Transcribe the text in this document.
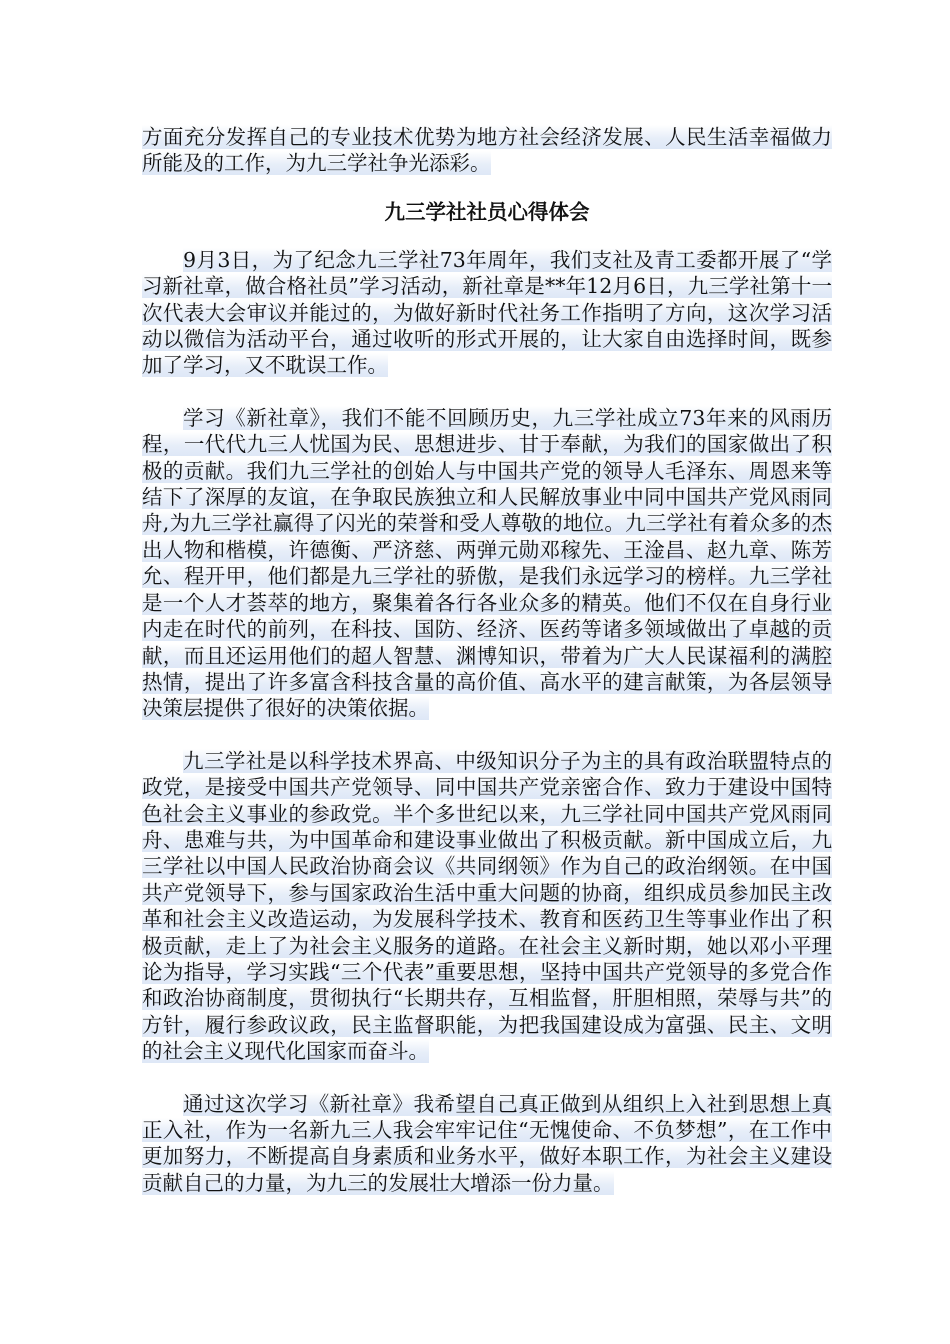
方面充分发挥自己的专业技术优势为地方社会经济发展、人民生活幸福做力所能及的工作，为九三学社争光添彩。

九三学社社员心得体会

9月3日，为了纪念九三学社73年周年，我们支社及青工委都开展了“学习新社章，做合格社员”学习活动，新社章是**年12月6日，九三学社第十一次代表大会审议并能过的，为做好新时代社务工作指明了方向，这次学习活动以微信为活动平台，通过收听的形式开展的，让大家自由选择时间，既参加了学习，又不耽误工作。

学习《新社章》，我们不能不回顾历史，九三学社成立73年来的风雨历程，一代代九三人忧国为民、思想进步、甘于奉献，为我们的国家做出了积极的贡献。我们九三学社的创始人与中国共产党的领导人毛泽东、周恩来等结下了深厚的友谊，在争取民族独立和人民解放事业中同中国共产党风雨同舟,为九三学社赢得了闪光的荣誉和受人尊敬的地位。九三学社有着众多的杰出人物和楷模，许德衡、严济慈、两弹元勋邓稼先、王淦昌、赵九章、陈芳允、程开甲，他们都是九三学社的骄傲，是我们永远学习的榜样。九三学社是一个人才荟萃的地方，聚集着各行各业众多的精英。他们不仅在自身行业内走在时代的前列，在科技、国防、经济、医药等诸多领域做出了卓越的贡献，而且还运用他们的超人智慧、渊博知识，带着为广大人民谋福利的满腔热情，提出了许多富含科技含量的高价值、高水平的建言献策，为各层领导决策层提供了很好的决策依据。

九三学社是以科学技术界高、中级知识分子为主的具有政治联盟特点的政党，是接受中国共产党领导、同中国共产党亲密合作、致力于建设中国特色社会主义事业的参政党。半个多世纪以来，九三学社同中国共产党风雨同舟、患难与共，为中国革命和建设事业做出了积极贡献。新中国成立后，九三学社以中国人民政治协商会议《共同纲领》作为自己的政治纲领。在中国共产党领导下，参与国家政治生活中重大问题的协商，组织成员参加民主改革和社会主义改造运动，为发展科学技术、教育和医药卫生等事业作出了积极贡献，走上了为社会主义服务的道路。在社会主义新时期，她以邓小平理论为指导，学习实践“三个代表”重要思想，坚持中国共产党领导的多党合作和政治协商制度，贯彻执行“长期共存，互相监督，肝胆相照，荣辱与共”的方针，履行参政议政，民主监督职能，为把我国建设成为富强、民主、文明的社会主义现代化国家而奋斗。

通过这次学习《新社章》我希望自己真正做到从组织上入社到思想上真正入社，作为一名新九三人我会牢牢记住“无愧使命、不负梦想”，在工作中更加努力，不断提高自身素质和业务水平，做好本职工作，为社会主义建设贡献自己的力量，为九三的发展壮大增添一份力量。
